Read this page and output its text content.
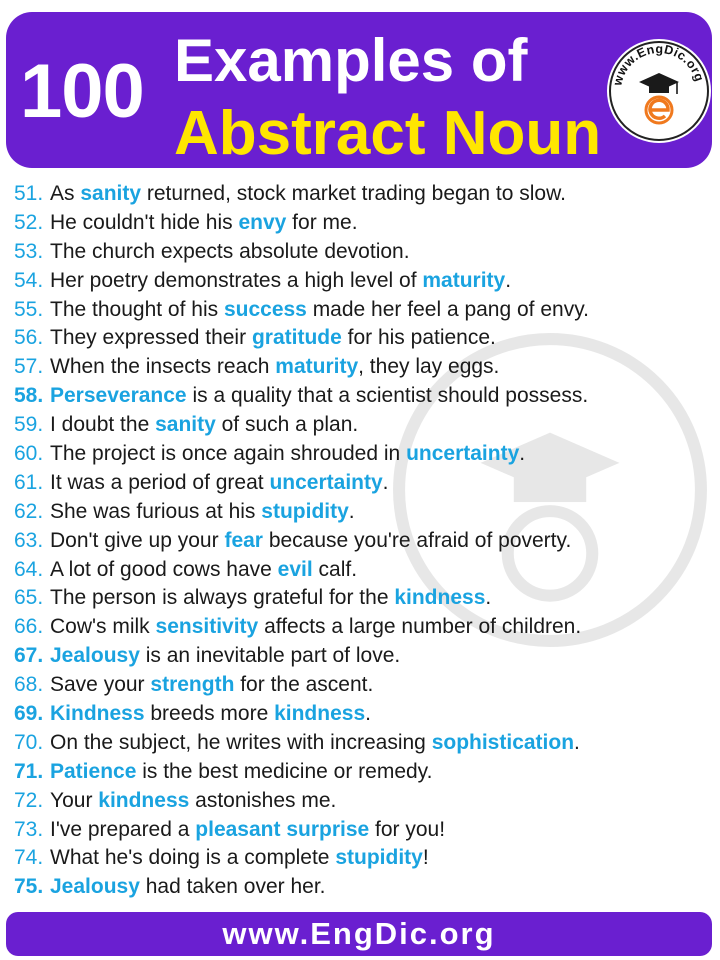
100 Examples of
Abstract Noun
www.EngDic.org
51. As sanity returned, stock market trading began to slow.
52. He couldn't hide his envy for me.
53. The church expects absolute devotion.
54. Her poetry demonstrates a high level of maturity.
55. The thought of his success made her feel a pang of envy.
56. They expressed their gratitude for his patience.
57. When the insects reach maturity, they lay eggs.
58. Perseverance is a quality that a scientist should possess.
59. I doubt the sanity of such a plan.
60. The project is once again shrouded in uncertainty.
61. It was a period of great uncertainty.
62. She was furious at his stupidity.
63. Don't give up your fear because you're afraid of poverty.
64. A lot of good cows have evil calf.
65. The person is always grateful for the kindness.
66. Cow's milk sensitivity affects a large number of children.
67. Jealousy is an inevitable part of love.
68. Save your strength for the ascent.
69. Kindness breeds more kindness.
70. On the subject, he writes with increasing sophistication.
71. Patience is the best medicine or remedy.
72. Your kindness astonishes me.
73. I've prepared a pleasant surprise for you!
74. What he's doing is a complete stupidity!
75. Jealousy had taken over her.
www.EngDic.org
